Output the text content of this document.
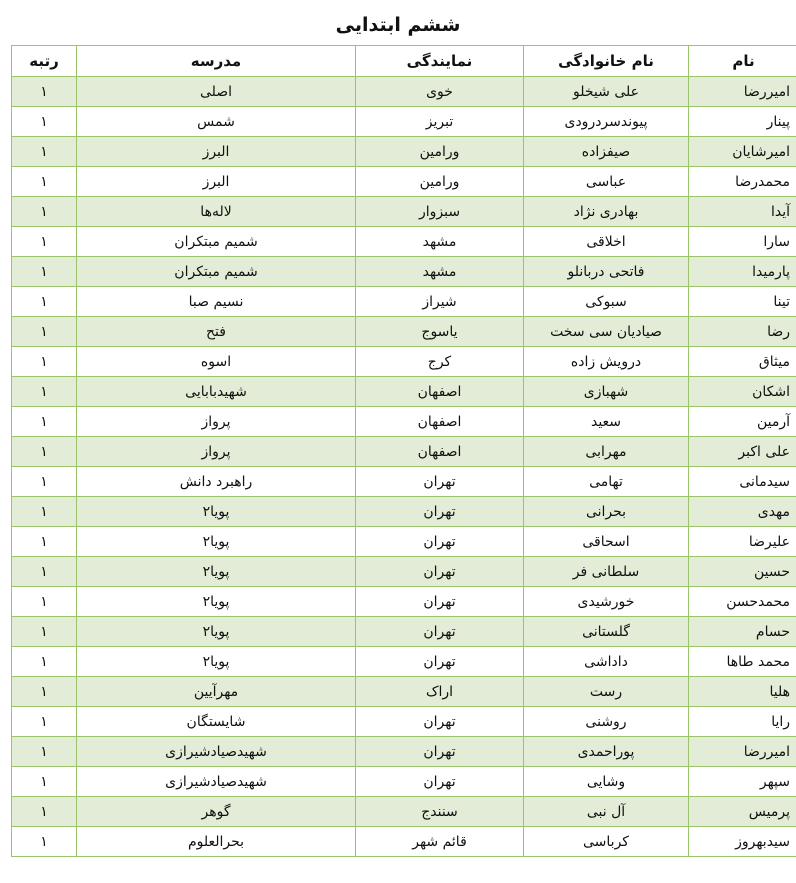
ششم ابتدایی
نام	نام خانوادگی	نمایندگی	مدرسه	رتبه
امیررضا	علی شیخلو	خوی	اصلی	۱
پینار	پیوندسردرودی	تبریز	شمس	۱
امیرشایان	صیفزاده	ورامین	البرز	۱
محمدرضا	عباسی	ورامین	البرز	۱
آیدا	بهادری نژاد	سبزوار	لاله‌ها	۱
سارا	اخلاقی	مشهد	شمیم مبتکران	۱
پارمیدا	فاتحی دربانلو	مشهد	شمیم مبتکران	۱
تینا	سبوکی	شیراز	نسیم صبا	۱
رضا	صیادیان سی سخت	یاسوج	فتح	۱
میثاق	درویش زاده	کرج	اسوه	۱
اشکان	شهبازی	اصفهان	شهیدبابایی	۱
آرمین	سعید	اصفهان	پرواز	۱
علی اکبر	مهرابی	اصفهان	پرواز	۱
سیدمانی	تهامی	تهران	راهبرد دانش	۱
مهدی	بحرانی	تهران	پویا۲	۱
علیرضا	اسحاقی	تهران	پویا۲	۱
حسین	سلطانی فر	تهران	پویا۲	۱
محمدحسن	خورشیدی	تهران	پویا۲	۱
حسام	گلستانی	تهران	پویا۲	۱
محمد طاها	داداشی	تهران	پویا۲	۱
هلیا	رست	اراک	مهرآیین	۱
رایا	روشنی	تهران	شایستگان	۱
امیررضا	پوراحمدی	تهران	شهیدصیادشیرازی	۱
سپهر	وشایی	تهران	شهیدصیادشیرازی	۱
پرمیس	آل نبی	سنندج	گوهر	۱
سیدبهروز	کرباسی	قائم شهر	بحرالعلوم	۱
